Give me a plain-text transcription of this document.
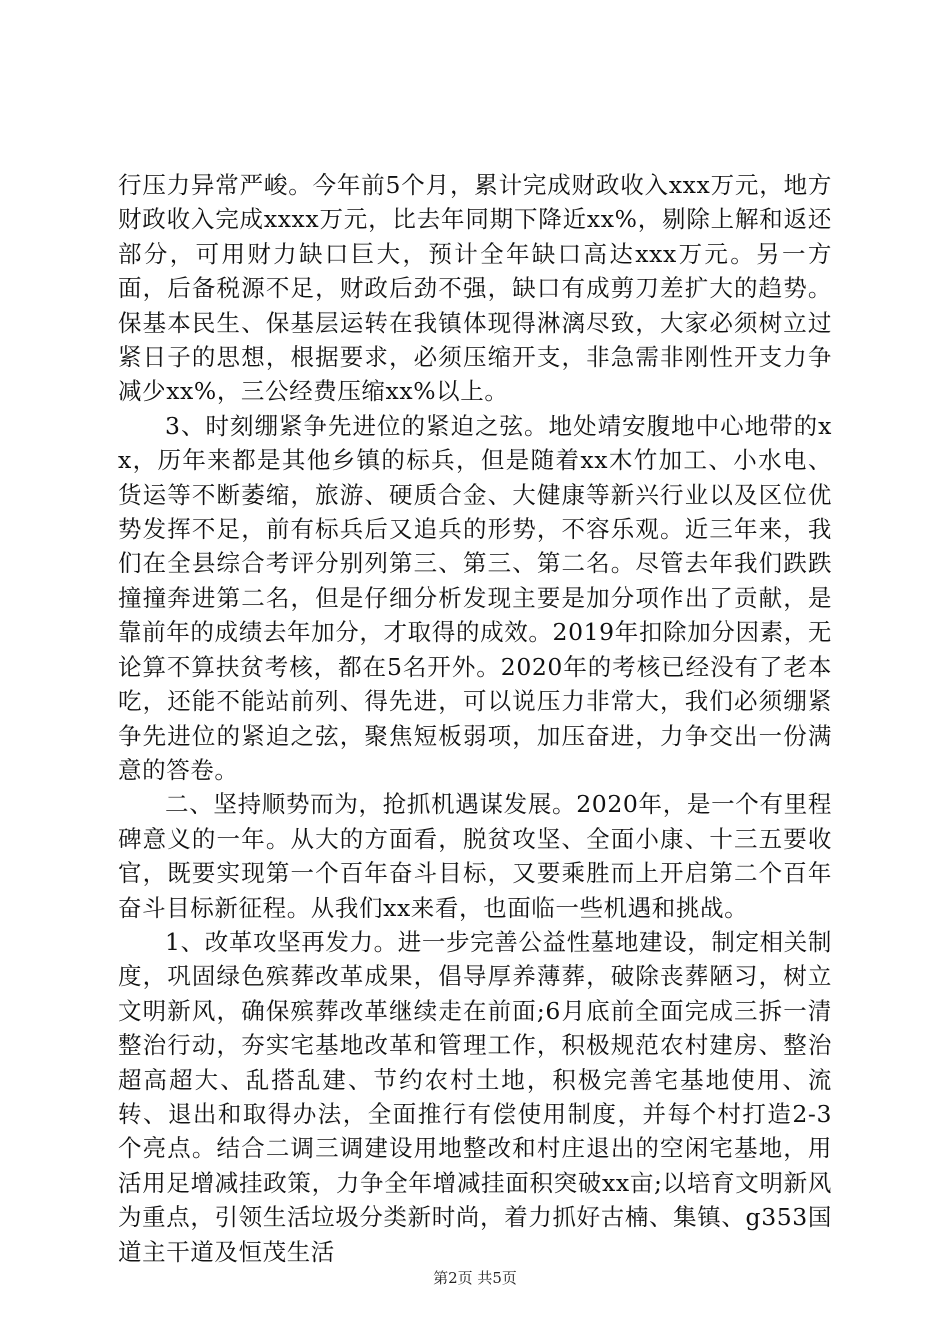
行压力异常严峻。今年前5个月，累计完成财政收入xxx万元，地方财政收入完成xxxx万元，比去年同期下降近xx%，剔除上解和返还部分，可用财力缺口巨大，预计全年缺口高达xxx万元。另一方面，后备税源不足，财政后劲不强，缺口有成剪刀差扩大的趋势。保基本民生、保基层运转在我镇体现得淋漓尽致，大家必须树立过紧日子的思想，根据要求，必须压缩开支，非急需非刚性开支力争减少xx%，三公经费压缩xx%以上。

3、时刻绷紧争先进位的紧迫之弦。地处靖安腹地中心地带的xx，历年来都是其他乡镇的标兵，但是随着xx木竹加工、小水电、货运等不断萎缩，旅游、硬质合金、大健康等新兴行业以及区位优势发挥不足，前有标兵后又追兵的形势，不容乐观。近三年来，我们在全县综合考评分别列第三、第三、第二名。尽管去年我们跌跌撞撞奔进第二名，但是仔细分析发现主要是加分项作出了贡献，是靠前年的成绩去年加分，才取得的成效。2019年扣除加分因素，无论算不算扶贫考核，都在5名开外。2020年的考核已经没有了老本吃，还能不能站前列、得先进，可以说压力非常大，我们必须绷紧争先进位的紧迫之弦，聚焦短板弱项，加压奋进，力争交出一份满意的答卷。

二、坚持顺势而为，抢抓机遇谋发展。2020年，是一个有里程碑意义的一年。从大的方面看，脱贫攻坚、全面小康、十三五要收官，既要实现第一个百年奋斗目标，又要乘胜而上开启第二个百年奋斗目标新征程。从我们xx来看，也面临一些机遇和挑战。

1、改革攻坚再发力。进一步完善公益性墓地建设，制定相关制度，巩固绿色殡葬改革成果，倡导厚养薄葬，破除丧葬陋习，树立文明新风，确保殡葬改革继续走在前面;6月底前全面完成三拆一清整治行动，夯实宅基地改革和管理工作，积极规范农村建房、整治超高超大、乱搭乱建、节约农村土地，积极完善宅基地使用、流转、退出和取得办法，全面推行有偿使用制度，并每个村打造2-3个亮点。结合二调三调建设用地整改和村庄退出的空闲宅基地，用活用足增减挂政策，力争全年增减挂面积突破xx亩;以培育文明新风为重点，引领生活垃圾分类新时尚，着力抓好古楠、集镇、g353国道主干道及恒茂生活

第2页 共5页
